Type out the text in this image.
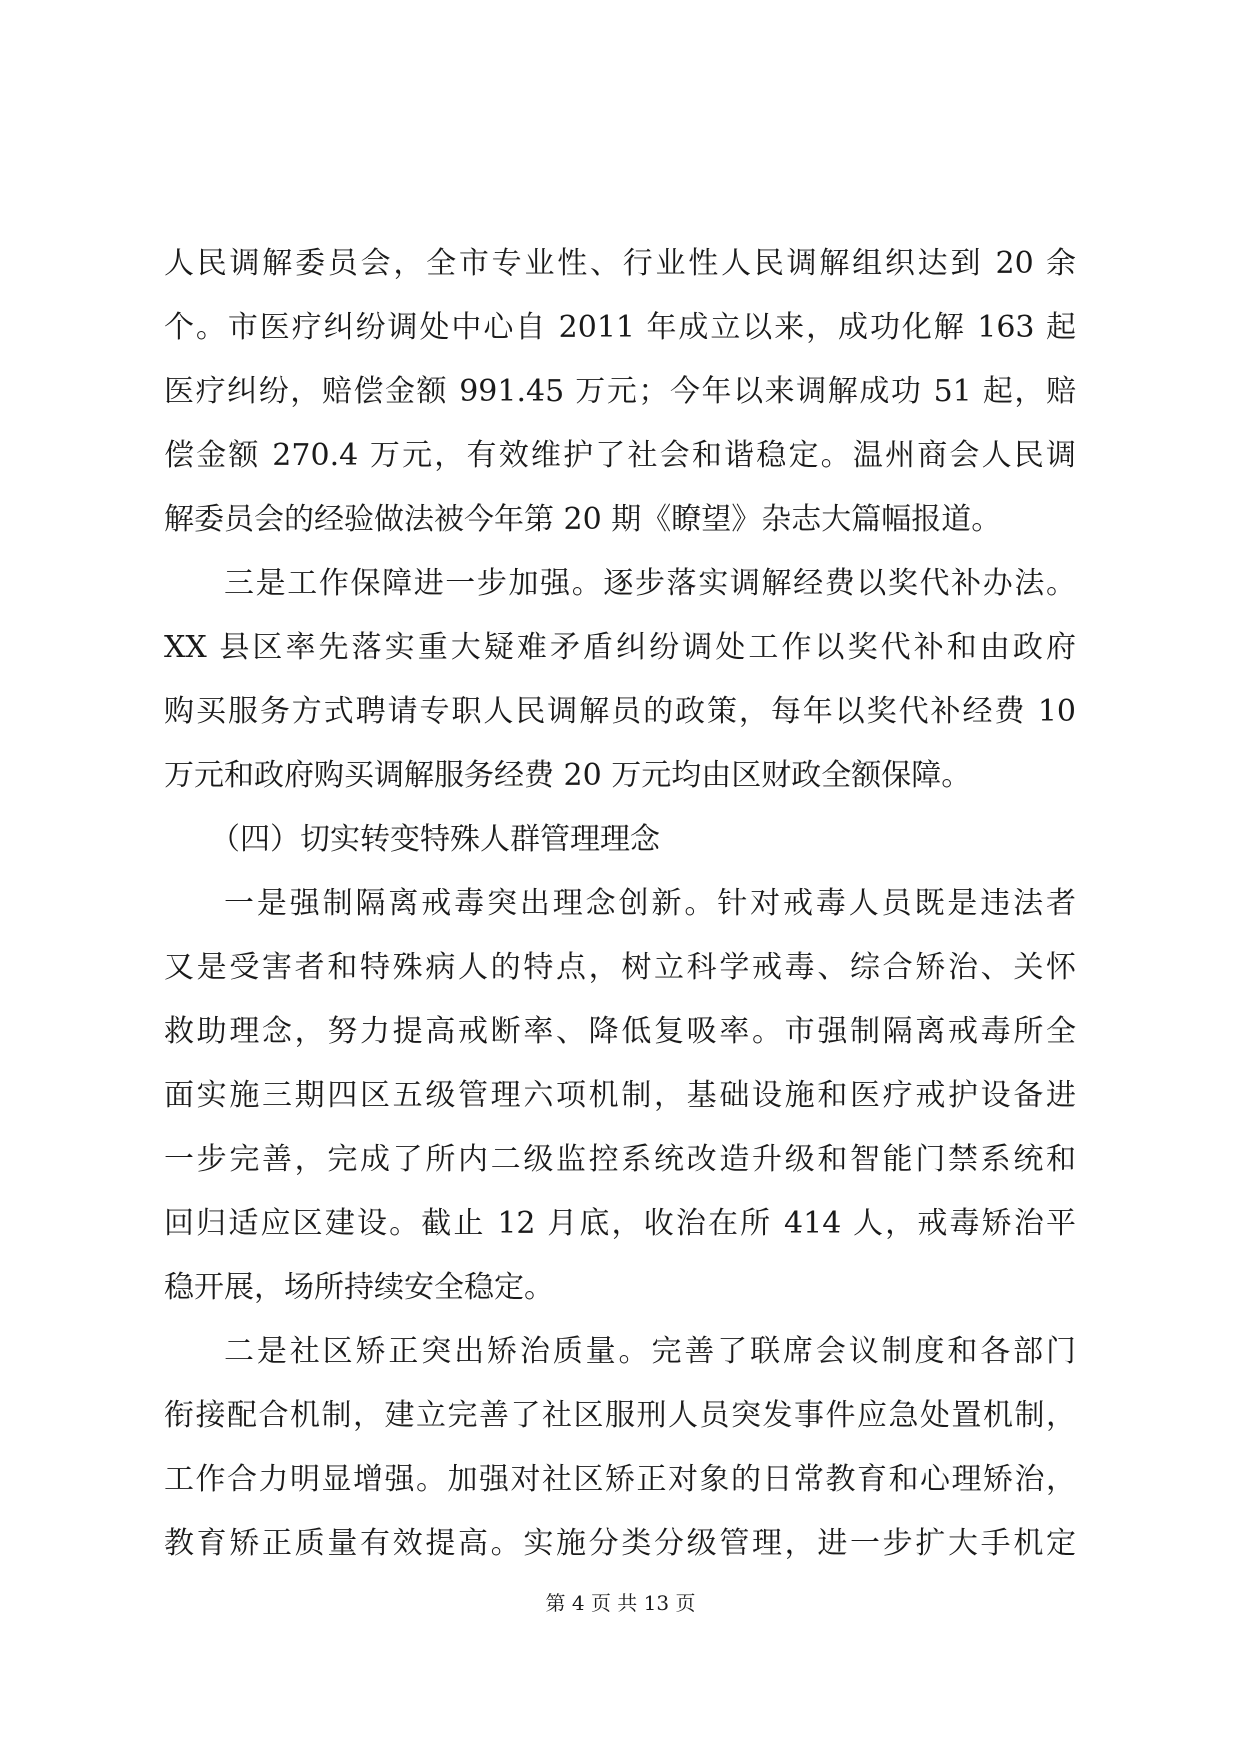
人民调解委员会，全市专业性、行业性人民调解组织达到 20 余
个。市医疗纠纷调处中心自 2011 年成立以来，成功化解 163 起
医疗纠纷，赔偿金额 991.45 万元；今年以来调解成功 51 起，赔
偿金额 270.4 万元，有效维护了社会和谐稳定。温州商会人民调
解委员会的经验做法被今年第 20 期《瞭望》杂志大篇幅报道。
三是工作保障进一步加强。逐步落实调解经费以奖代补办法。
XX 县区率先落实重大疑难矛盾纠纷调处工作以奖代补和由政府
购买服务方式聘请专职人民调解员的政策，每年以奖代补经费 10
万元和政府购买调解服务经费 20 万元均由区财政全额保障。
（四）切实转变特殊人群管理理念
一是强制隔离戒毒突出理念创新。针对戒毒人员既是违法者
又是受害者和特殊病人的特点，树立科学戒毒、综合矫治、关怀
救助理念，努力提高戒断率、降低复吸率。市强制隔离戒毒所全
面实施三期四区五级管理六项机制，基础设施和医疗戒护设备进
一步完善，完成了所内二级监控系统改造升级和智能门禁系统和
回归适应区建设。截止 12 月底，收治在所 414 人，戒毒矫治平
稳开展，场所持续安全稳定。
二是社区矫正突出矫治质量。完善了联席会议制度和各部门
衔接配合机制，建立完善了社区服刑人员突发事件应急处置机制，
工作合力明显增强。加强对社区矫正对象的日常教育和心理矫治，
教育矫正质量有效提高。实施分类分级管理，进一步扩大手机定
第 4 页 共 13 页
